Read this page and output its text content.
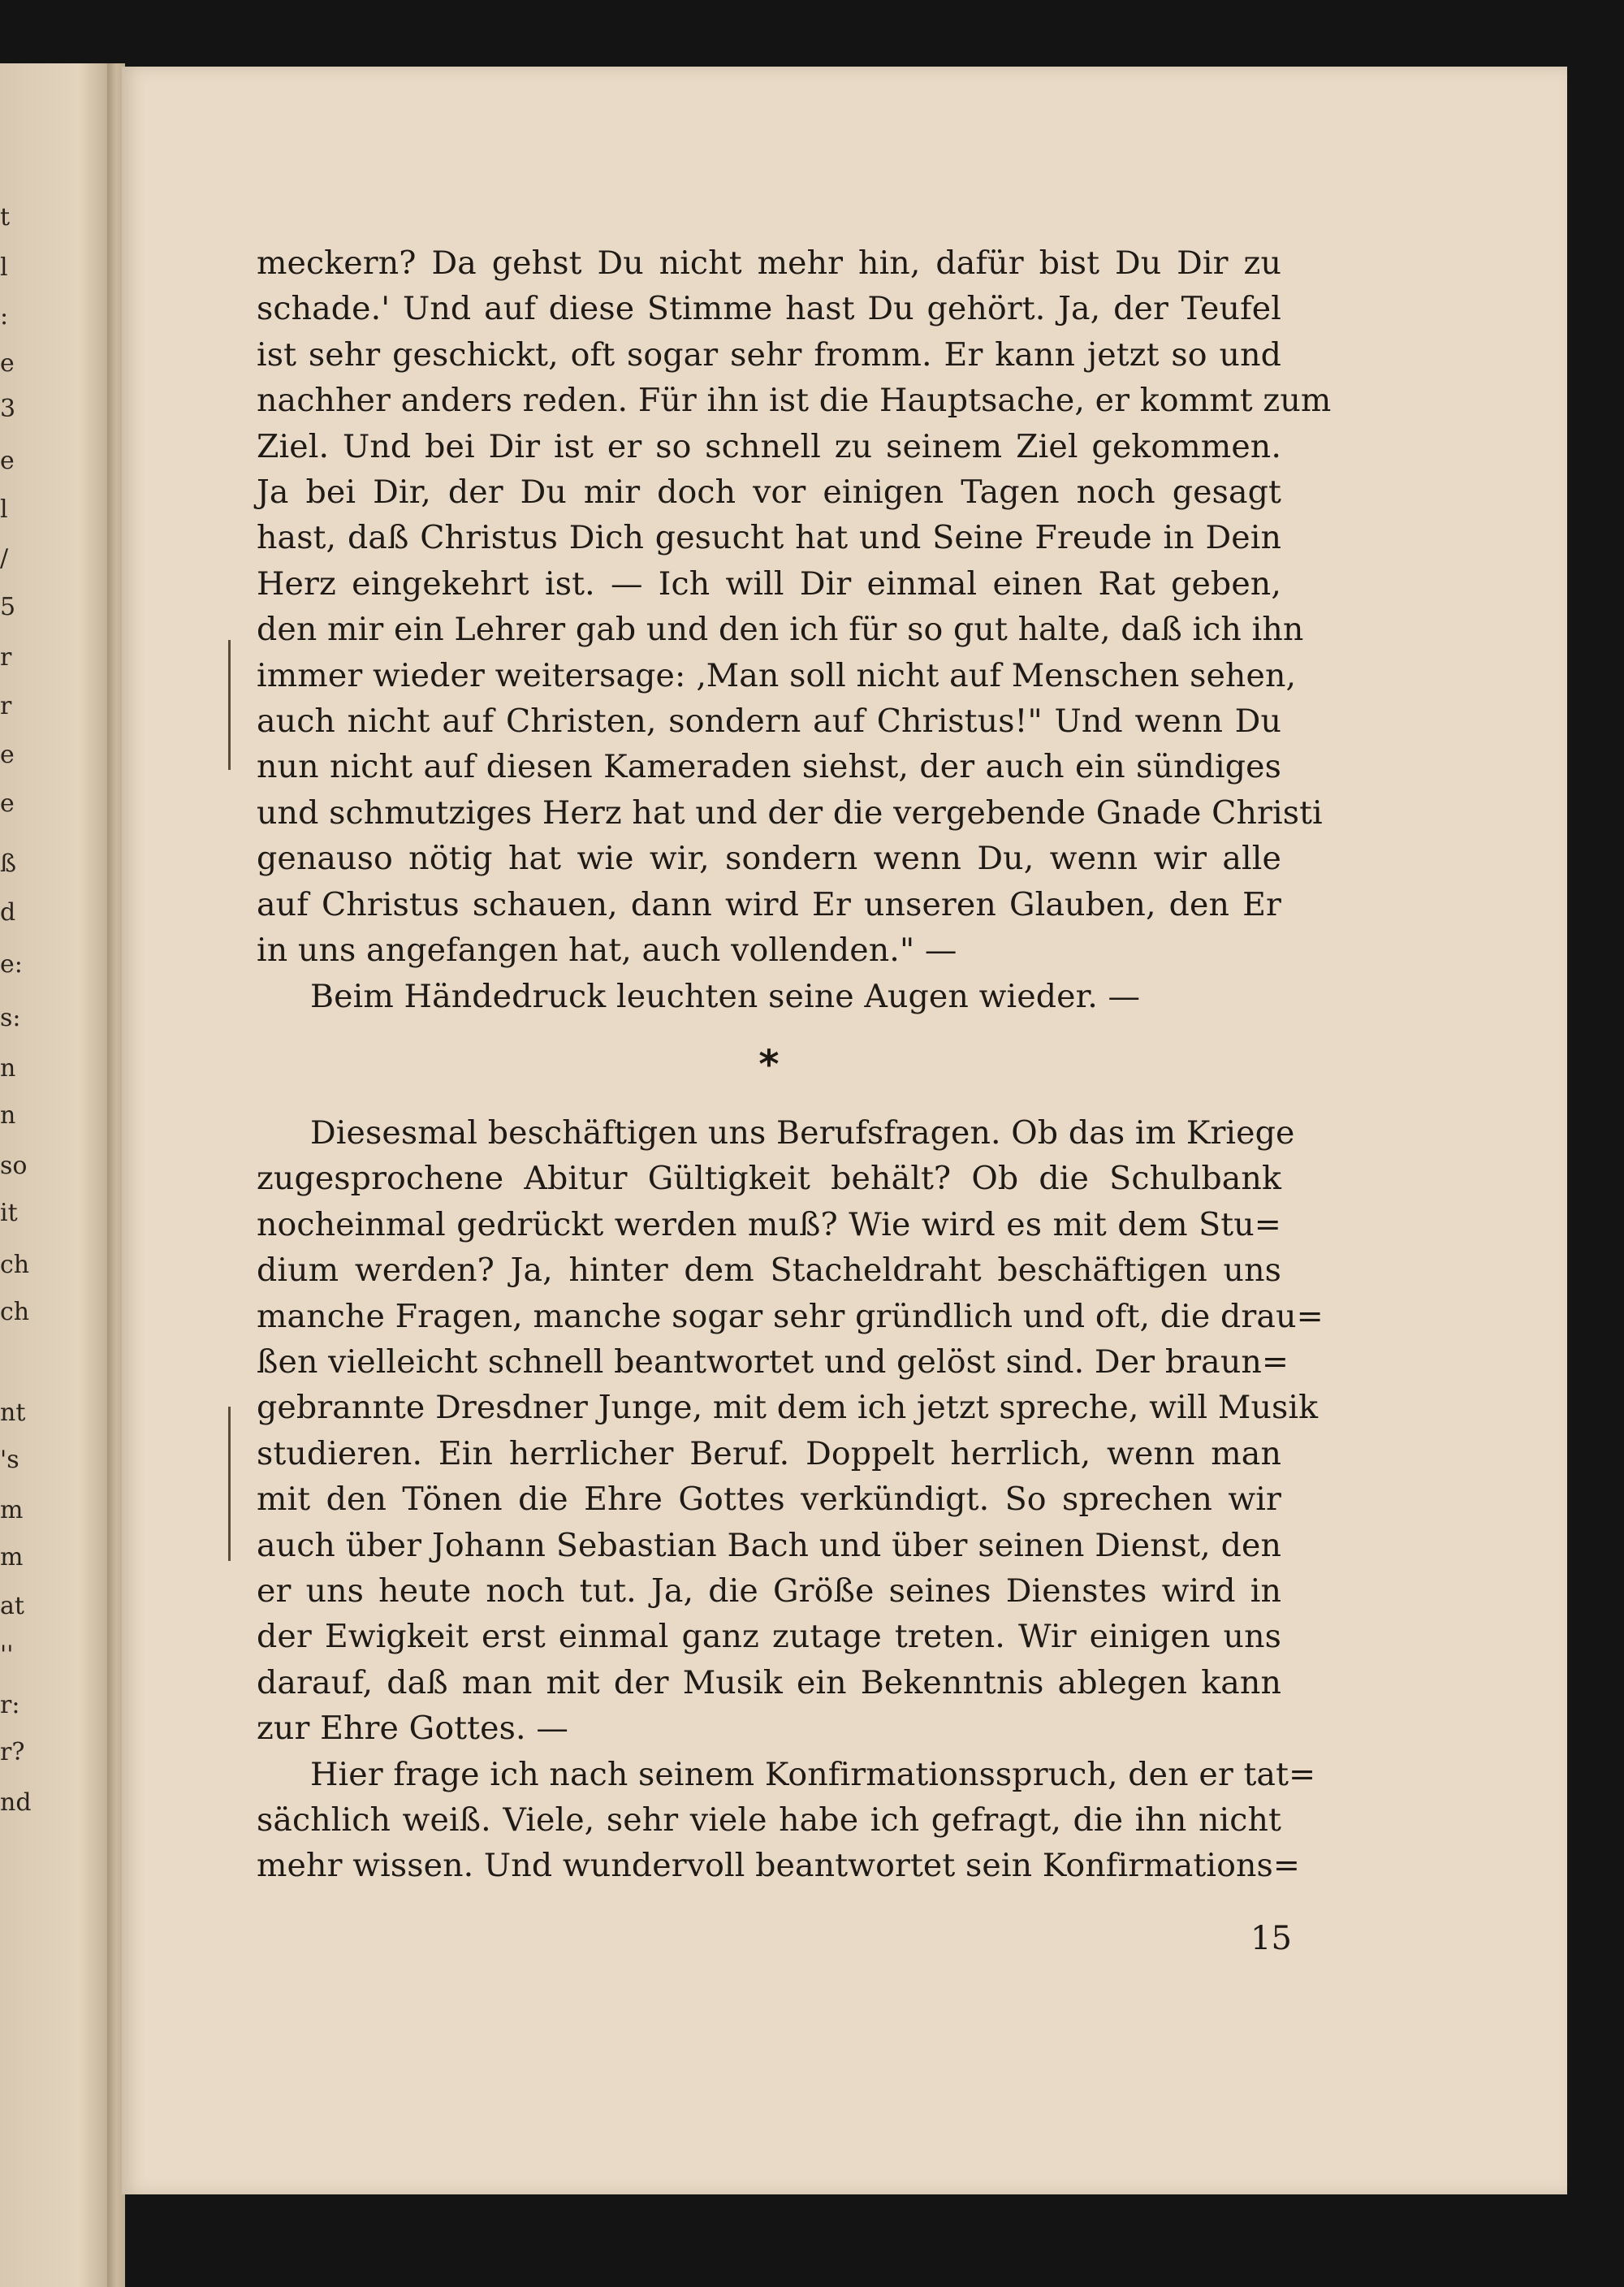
t
l
:
e
3
e
l
/
5
r
r
e
e
ß
d
e:
s:
n
n
so
it
ch
ch
nt
's
m
m
at
''
r:
r?
nd
meckern? Da gehst Du nicht mehr hin, dafür bist Du Dir zu
schade.' Und auf diese Stimme hast Du gehört. Ja, der Teufel
ist sehr geschickt, oft sogar sehr fromm. Er kann jetzt so und
nachher anders reden. Für ihn ist die Hauptsache, er kommt zum
Ziel. Und bei Dir ist er so schnell zu seinem Ziel gekommen.
Ja bei Dir, der Du mir doch vor einigen Tagen noch gesagt
hast, daß Christus Dich gesucht hat und Seine Freude in Dein
Herz eingekehrt ist. — Ich will Dir einmal einen Rat geben,
den mir ein Lehrer gab und den ich für so gut halte, daß ich ihn
immer wieder weitersage: ‚Man soll nicht auf Menschen sehen,
auch nicht auf Christen, sondern auf Christus!" Und wenn Du
nun nicht auf diesen Kameraden siehst, der auch ein sündiges
und schmutziges Herz hat und der die vergebende Gnade Christi
genauso nötig hat wie wir, sondern wenn Du, wenn wir alle
auf Christus schauen, dann wird Er unseren Glauben, den Er
in uns angefangen hat, auch vollenden." —
Beim Händedruck leuchten seine Augen wieder. —
*
Diesesmal beschäftigen uns Berufsfragen. Ob das im Kriege
zugesprochene Abitur Gültigkeit behält? Ob die Schulbank
nocheinmal gedrückt werden muß? Wie wird es mit dem Stu=
dium werden? Ja, hinter dem Stacheldraht beschäftigen uns
manche Fragen, manche sogar sehr gründlich und oft, die drau=
ßen vielleicht schnell beantwortet und gelöst sind. Der braun=
gebrannte Dresdner Junge, mit dem ich jetzt spreche, will Musik
studieren. Ein herrlicher Beruf. Doppelt herrlich, wenn man
mit den Tönen die Ehre Gottes verkündigt. So sprechen wir
auch über Johann Sebastian Bach und über seinen Dienst, den
er uns heute noch tut. Ja, die Größe seines Dienstes wird in
der Ewigkeit erst einmal ganz zutage treten. Wir einigen uns
darauf, daß man mit der Musik ein Bekenntnis ablegen kann
zur Ehre Gottes. —
Hier frage ich nach seinem Konfirmationsspruch, den er tat=
sächlich weiß. Viele, sehr viele habe ich gefragt, die ihn nicht
mehr wissen. Und wundervoll beantwortet sein Konfirmations=
15
